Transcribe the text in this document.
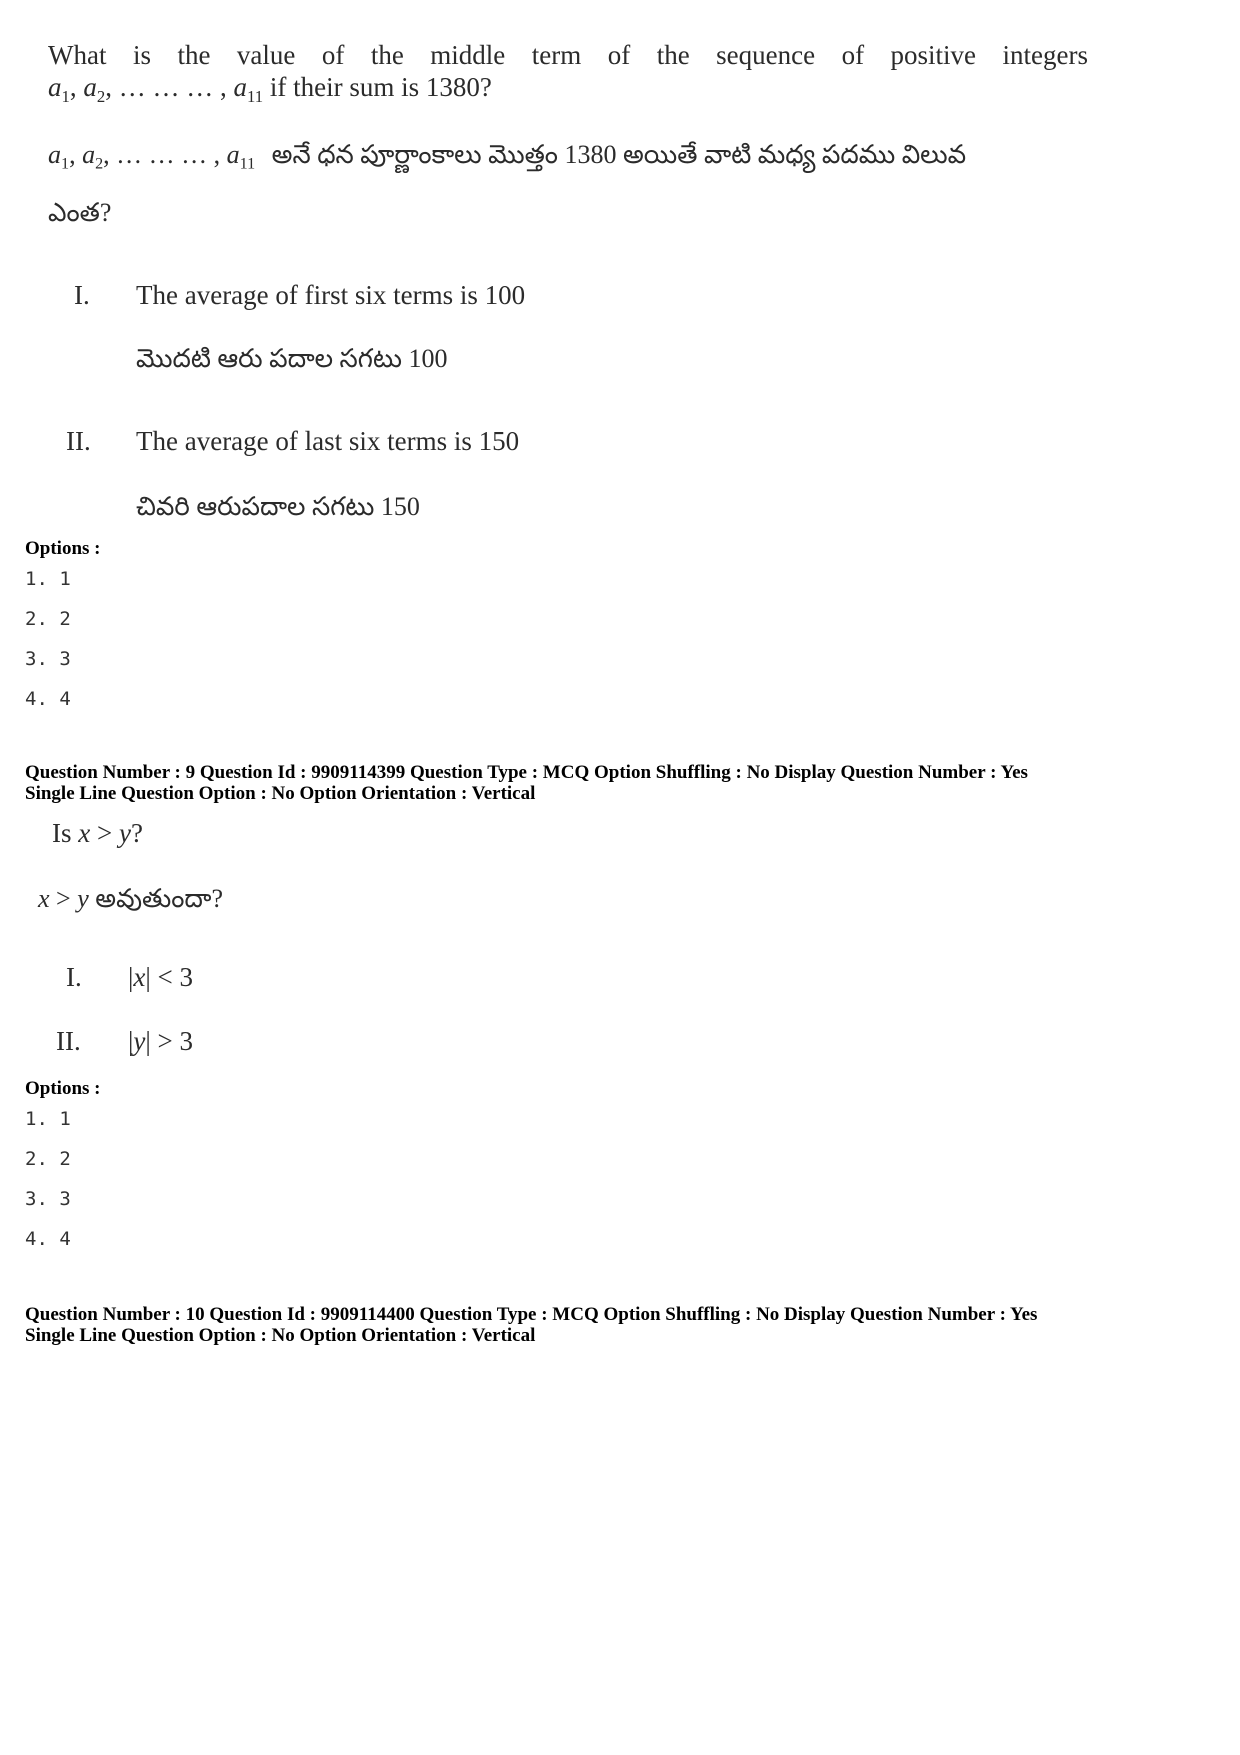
What is the value of the middle term of the sequence of positive integers
$a_1$, $a_2$, … … … , $a_{11}$ if their sum is 1380?
$a_1$, $a_2$, … … … , $a_{11}$ అనే ధన పూర్ణాంకాలు మొత్తం 1380 అయితే వాటి మధ్య పదము విలువ
ఎంత?
I. The average of first six terms is 100
మొదటి ఆరు పదాల సగటు 100
II. The average of last six terms is 150
చివరి ఆరుపదాల సగటు 150
Options :
1. 1
2. 2
3. 3
4. 4
Question Number : 9 Question Id : 9909114399 Question Type : MCQ Option Shuffling : No Display Question Number : Yes
Single Line Question Option : No Option Orientation : Vertical
Is x > y?
x > y అవుతుందా?
I. |x| < 3
II. |y| > 3
Options :
1. 1
2. 2
3. 3
4. 4
Question Number : 10 Question Id : 9909114400 Question Type : MCQ Option Shuffling : No Display Question Number : Yes
Single Line Question Option : No Option Orientation : Vertical
